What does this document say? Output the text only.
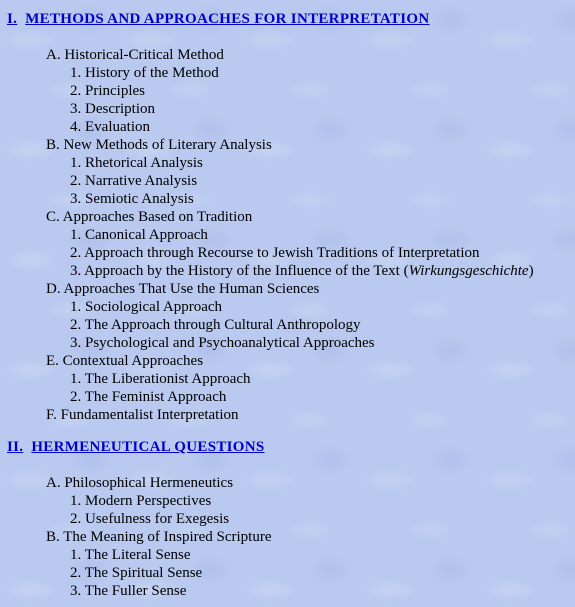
I. METHODS AND APPROACHES FOR INTERPRETATION
A. Historical-Critical Method
1. History of the Method
2. Principles
3. Description
4. Evaluation
B. New Methods of Literary Analysis
1. Rhetorical Analysis
2. Narrative Analysis
3. Semiotic Analysis
C. Approaches Based on Tradition
1. Canonical Approach
2. Approach through Recourse to Jewish Traditions of Interpretation
3. Approach by the History of the Influence of the Text (Wirkungsgeschichte)
D. Approaches That Use the Human Sciences
1. Sociological Approach
2. The Approach through Cultural Anthropology
3. Psychological and Psychoanalytical Approaches
E. Contextual Approaches
1. The Liberationist Approach
2. The Feminist Approach
F. Fundamentalist Interpretation
II. HERMENEUTICAL QUESTIONS
A. Philosophical Hermeneutics
1. Modern Perspectives
2. Usefulness for Exegesis
B. The Meaning of Inspired Scripture
1. The Literal Sense
2. The Spiritual Sense
3. The Fuller Sense
